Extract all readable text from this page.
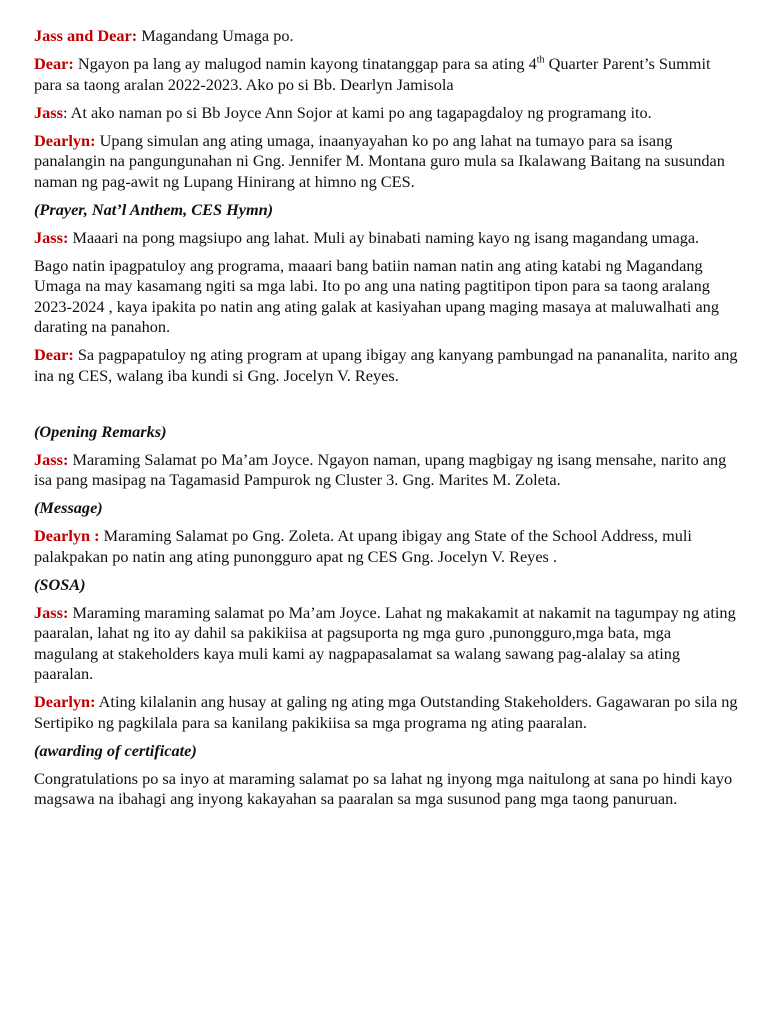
Jass and Dear: Magandang Umaga po.

Dear: Ngayon pa lang ay malugod namin kayong tinatanggap para sa ating 4th Quarter Parent’s Summit para sa taong aralan 2022-2023. Ako po si Bb. Dearlyn Jamisola

Jass: At ako naman po si Bb Joyce Ann Sojor at kami po ang tagapagdaloy ng programang ito.

Dearlyn: Upang simulan ang ating umaga, inaanyayahan ko po ang lahat na tumayo para sa isang panalangin na pangungunahan ni Gng. Jennifer M. Montana guro mula sa Ikalawang Baitang na susundan naman ng pag-awit ng Lupang Hinirang at himno ng CES.

(Prayer, Nat’l Anthem, CES Hymn)

Jass: Maaari na pong magsiupo ang lahat. Muli ay binabati naming kayo ng isang magandang umaga.

Bago natin ipagpatuloy ang programa, maaari bang batiin naman natin ang ating katabi ng Magandang Umaga na may kasamang ngiti sa mga labi. Ito po ang una nating pagtitipon tipon para sa taong aralang 2023-2024 , kaya ipakita po natin ang ating galak at kasiyahan upang maging masaya at maluwalhati ang darating na panahon.

Dear: Sa pagpapatuloy ng ating program at upang ibigay ang kanyang pambungad na pananalita, narito ang ina ng CES, walang iba kundi si Gng. Jocelyn V. Reyes.

(Opening Remarks)

Jass: Maraming Salamat po Ma’am Joyce. Ngayon naman, upang magbigay ng isang mensahe, narito ang isa pang masipag na Tagamasid Pampurok ng Cluster 3. Gng. Marites M. Zoleta.

(Message)

Dearlyn : Maraming Salamat po Gng. Zoleta. At upang ibigay ang State of the School Address, muli palakpakan po natin ang ating punongguro apat ng CES Gng. Jocelyn V. Reyes .

(SOSA)

Jass: Maraming maraming salamat po Ma’am Joyce. Lahat ng makakamit at nakamit na tagumpay ng ating paaralan, lahat ng ito ay dahil sa pakikiisa at pagsuporta ng mga guro ,punongguro,mga bata, mga magulang at stakeholders kaya muli kami ay nagpapasalamat sa walang sawang pag-alalay sa ating paaralan.

Dearlyn: Ating kilalanin ang husay at galing ng ating mga Outstanding Stakeholders. Gagawaran po sila ng Sertipiko ng pagkilala para sa kanilang pakikiisa sa mga programa ng ating paaralan.

(awarding of certificate)

Congratulations po sa inyo at maraming salamat po sa lahat ng inyong mga naitulong at sana po hindi kayo magsawa na ibahagi ang inyong kakayahan sa paaralan sa mga susunod pang mga taong panuruan.
